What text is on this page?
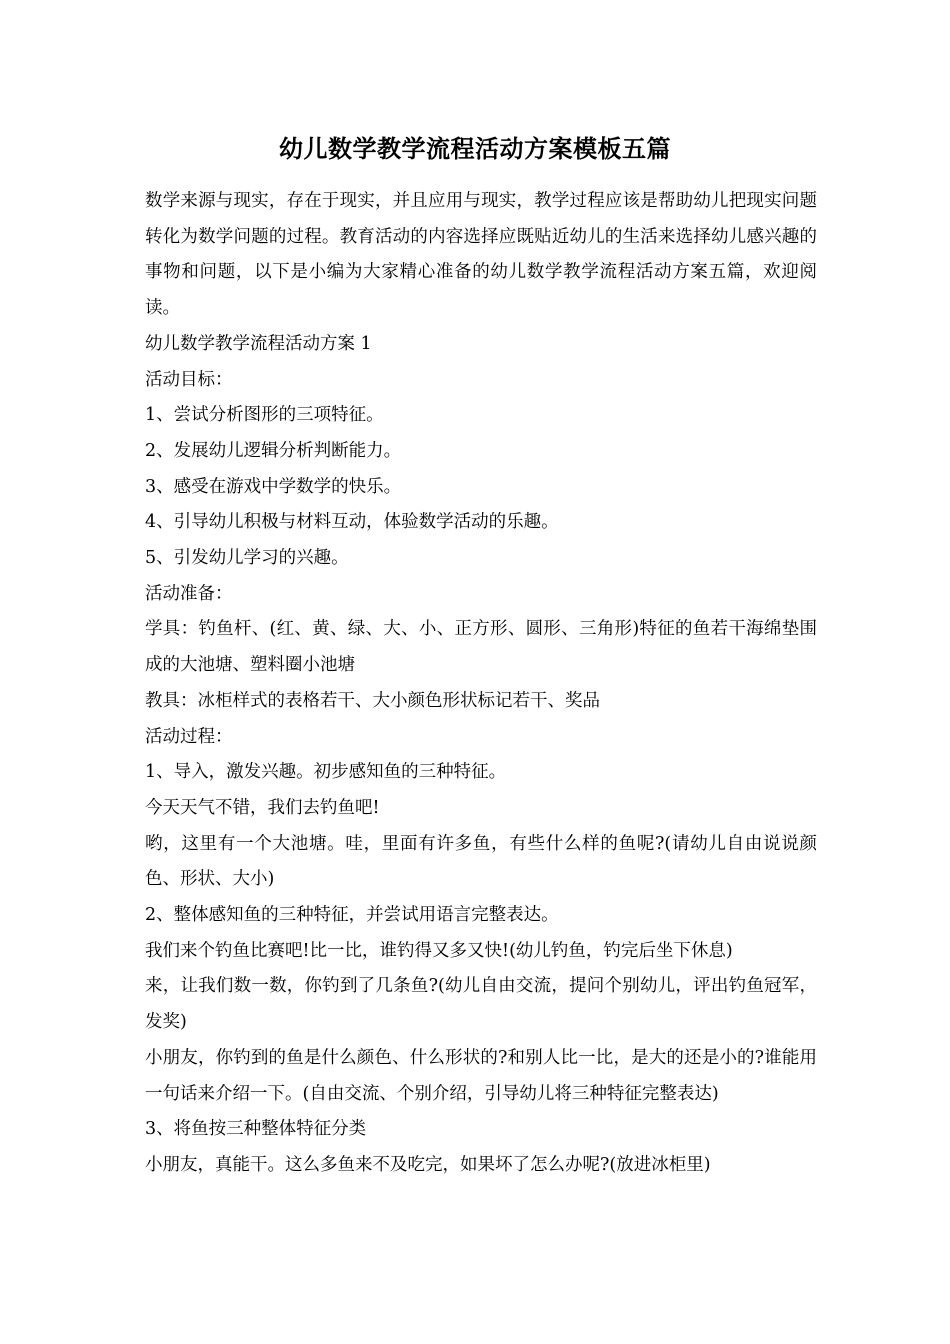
幼儿数学教学流程活动方案模板五篇

数学来源与现实，存在于现实，并且应用与现实，教学过程应该是帮助幼儿把现实问题转化为数学问题的过程。教育活动的内容选择应既贴近幼儿的生活来选择幼儿感兴趣的事物和问题，以下是小编为大家精心准备的幼儿数学教学流程活动方案五篇，欢迎阅读。

幼儿数学教学流程活动方案 1

活动目标：

1、尝试分析图形的三项特征。

2、发展幼儿逻辑分析判断能力。

3、感受在游戏中学数学的快乐。

4、引导幼儿积极与材料互动，体验数学活动的乐趣。

5、引发幼儿学习的兴趣。

活动准备：

学具：钓鱼杆、(红、黄、绿、大、小、正方形、圆形、三角形)特征的鱼若干海绵垫围成的大池塘、塑料圈小池塘

教具：冰柜样式的表格若干、大小颜色形状标记若干、奖品

活动过程：

1、导入，激发兴趣。初步感知鱼的三种特征。

今天天气不错，我们去钓鱼吧!

哟，这里有一个大池塘。哇，里面有许多鱼，有些什么样的鱼呢?(请幼儿自由说说颜色、形状、大小)

2、整体感知鱼的三种特征，并尝试用语言完整表达。

我们来个钓鱼比赛吧!比一比，谁钓得又多又快!(幼儿钓鱼，钓完后坐下休息)

来，让我们数一数，你钓到了几条鱼?(幼儿自由交流，提问个别幼儿，评出钓鱼冠军，发奖)

小朋友，你钓到的鱼是什么颜色、什么形状的?和别人比一比，是大的还是小的?谁能用一句话来介绍一下。(自由交流、个别介绍，引导幼儿将三种特征完整表达)

3、将鱼按三种整体特征分类

小朋友，真能干。这么多鱼来不及吃完，如果坏了怎么办呢?(放进冰柜里)
